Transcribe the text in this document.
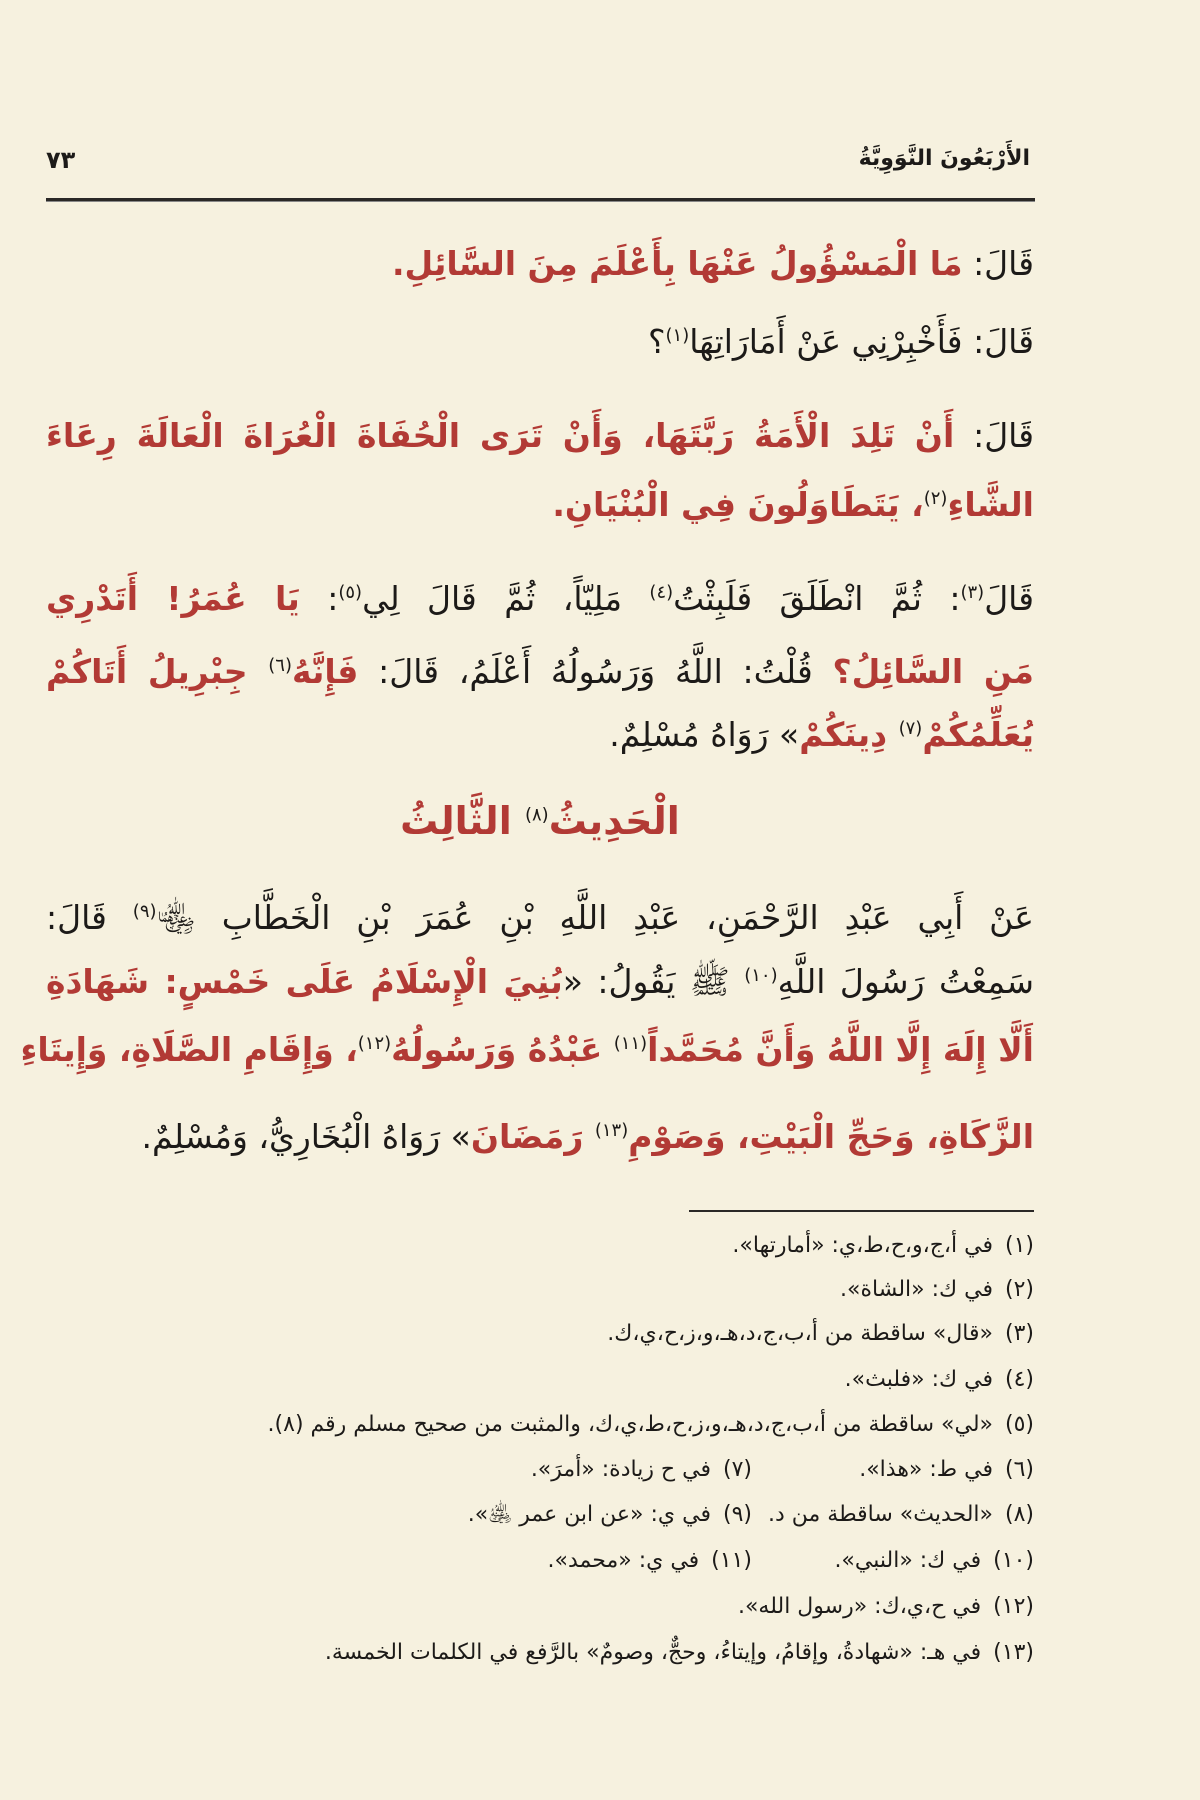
الأَرْبَعُونَ النَّوَوِيَّةُ
٧٣
قَالَ: مَا الْمَسْؤُولُ عَنْهَا بِأَعْلَمَ مِنَ السَّائِلِ.
قَالَ: فَأَخْبِرْنِي عَنْ أَمَارَاتِهَا$^{(١)}$؟
قَالَ: أَنْ تَلِدَ الْأَمَةُ رَبَّتَهَا، وَأَنْ تَرَى الْحُفَاةَ الْعُرَاةَ الْعَالَةَ رِعَاءَ
الشَّاءِ$^{(٢)}$، يَتَطَاوَلُونَ فِي الْبُنْيَانِ.
قَالَ$^{(٣)}$: ثُمَّ انْطَلَقَ فَلَبِثْتُ$^{(٤)}$ مَلِيّاً، ثُمَّ قَالَ لِي$^{(٥)}$: يَا عُمَرُ! أَتَدْرِي
مَنِ السَّائِلُ؟ قُلْتُ: اللَّهُ وَرَسُولُهُ أَعْلَمُ، قَالَ: فَإِنَّهُ$^{(٦)}$ جِبْرِيلُ أَتَاكُمْ
يُعَلِّمُكُمْ$^{(٧)}$ دِينَكُمْ» رَوَاهُ مُسْلِمٌ.
الْحَدِيثُ$^{(٨)}$ الثَّالِثُ
عَنْ أَبِي عَبْدِ الرَّحْمَنِ، عَبْدِ اللَّهِ بْنِ عُمَرَ بْنِ الْخَطَّابِ ﵄$^{(٩)}$ قَالَ:
سَمِعْتُ رَسُولَ اللَّهِ$^{(١٠)}$ ﷺ يَقُولُ: «بُنِيَ الْإِسْلَامُ عَلَى خَمْسٍ: شَهَادَةِ
أَلَّا إِلَهَ إِلَّا اللَّهُ وَأَنَّ مُحَمَّداً$^{(١١)}$ عَبْدُهُ وَرَسُولُهُ$^{(١٢)}$، وَإِقَامِ الصَّلَاةِ، وَإِيتَاءِ
الزَّكَاةِ، وَحَجِّ الْبَيْتِ، وَصَوْمِ$^{(١٣)}$ رَمَضَانَ» رَوَاهُ الْبُخَارِيُّ، وَمُسْلِمٌ.
(١)في أ،ج،و،ح،ط،ي: «أمارتها».
(٢)في ك: «الشاة».
(٣)«قال» ساقطة من أ،ب،ج،د،هـ،و،ز،ح،ي،ك.
(٤)في ك: «فلبث».
(٥)«لي» ساقطة من أ،ب،ج،د،هـ،و،ز،ح،ط،ي،ك، والمثبت من صحيح مسلم رقم (٨).
(٦)في ط: «هذا».
(٧)في ح زيادة: «أمرَ».
(٨)«الحديث» ساقطة من د.
(٩)في ي: «عن ابن عمر ﵁».
(١٠)في ك: «النبي».
(١١)في ي: «محمد».
(١٢)في ح،ي،ك: «رسول الله».
(١٣)في هـ: «شهادةُ، وإقامُ، وإيتاءُ، وحجٌّ، وصومٌ» بالرَّفع في الكلمات الخمسة.
